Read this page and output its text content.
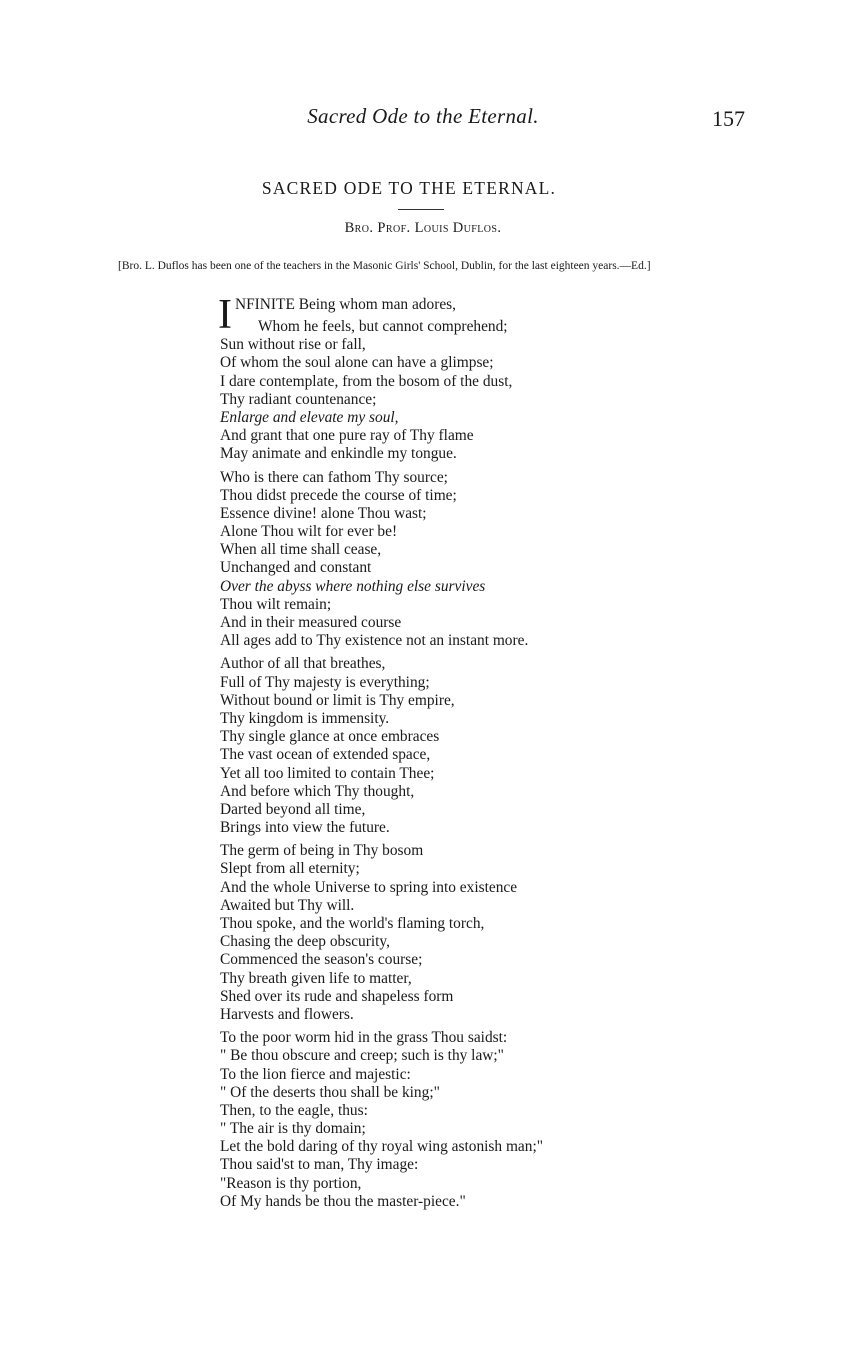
Sacred Ode to the Eternal.	157
SACRED ODE TO THE ETERNAL.
Bro. Prof. Louis Duflos.

[Bro. L. Duflos has been one of the teachers in the Masonic Girls' School, Dublin, for the last eighteen years.—Ed.]

I NFINITE Being whom man adores,
Whom he feels, but cannot comprehend;
Sun without rise or fall,
Of whom the soul alone can have a glimpse;
I dare contemplate, from the bosom of the dust,
Thy radiant countenance;
Enlarge and elevate my soul,
And grant that one pure ray of Thy flame
May animate and enkindle my tongue.
Who is there can fathom Thy source;
Thou didst precede the course of time;
Essence divine! alone Thou wast;
Alone Thou wilt for ever be!
When all time shall cease,
Unchanged and constant
Over the abyss where nothing else survives
Thou wilt remain;
And in their measured course
All ages add to Thy existence not an instant more.
Author of all that breathes,
Full of Thy majesty is everything;
Without bound or limit is Thy empire,
Thy kingdom is immensity.
Thy single glance at once embraces
The vast ocean of extended space,
Yet all too limited to contain Thee;
And before which Thy thought,
Darted beyond all time,
Brings into view the future.
The germ of being in Thy bosom
Slept from all eternity;
And the whole Universe to spring into existence
Awaited but Thy will.
Thou spoke, and the world's flaming torch,
Chasing the deep obscurity,
Commenced the season's course;
Thy breath given life to matter,
Shed over its rude and shapeless form
Harvests and flowers.
To the poor worm hid in the grass Thou saidst:
" Be thou obscure and creep; such is thy law;"
To the lion fierce and majestic:
" Of the deserts thou shall be king;"
Then, to the eagle, thus:
" The air is thy domain;
Let the bold daring of thy royal wing astonish man;"
Thou said'st to man, Thy image:
"Reason is thy portion,
Of My hands be thou the master-piece."
